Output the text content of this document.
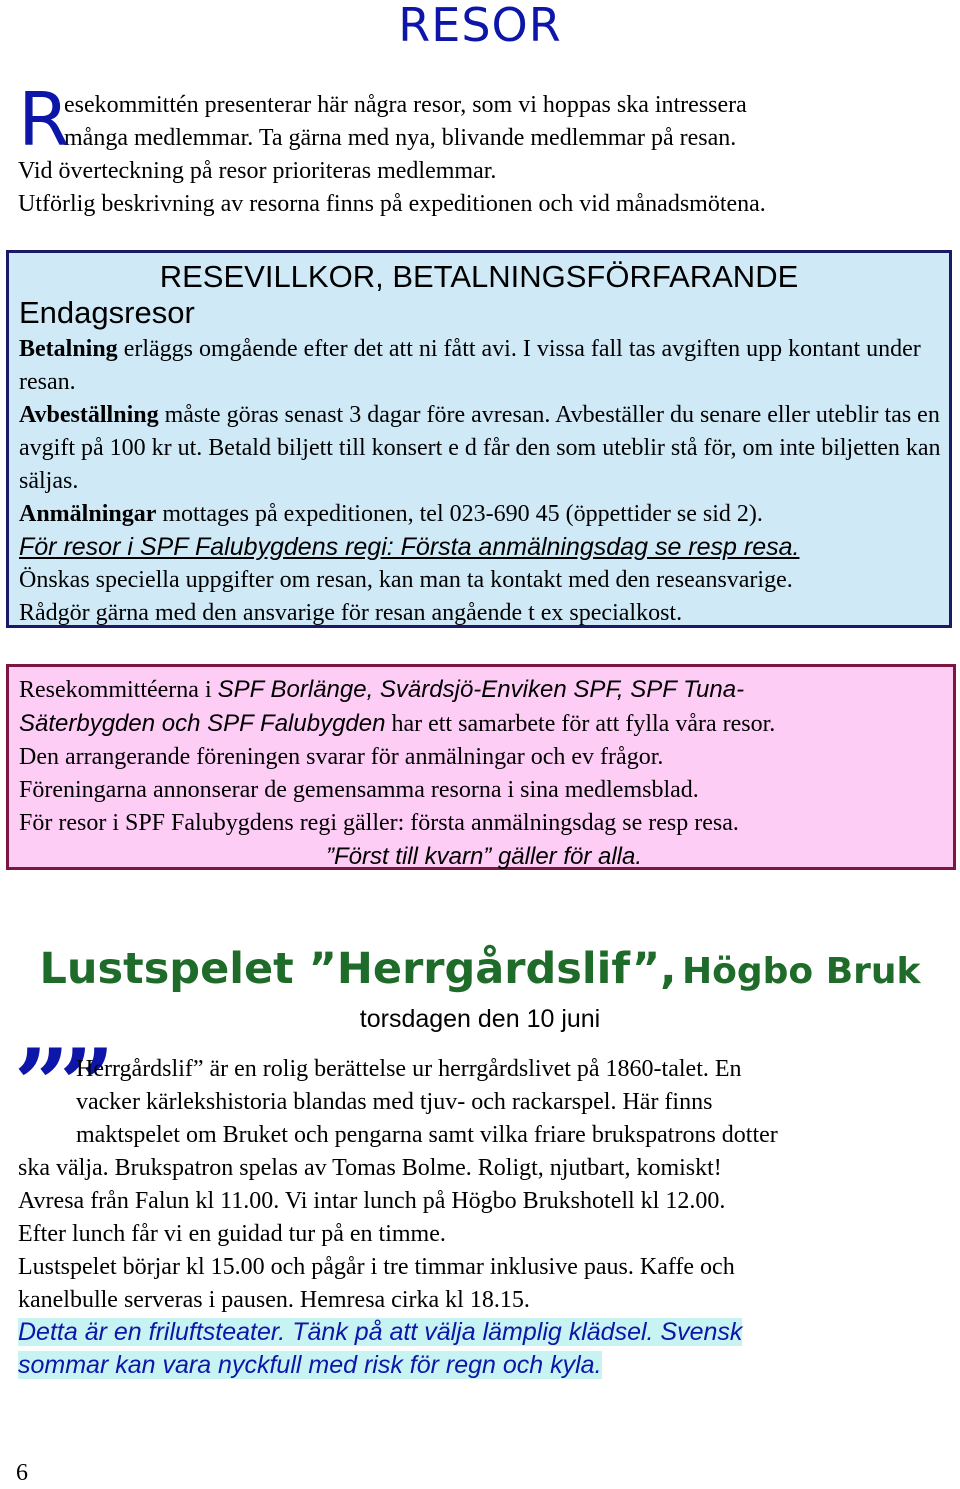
RESOR
R
esekommittén presenterar här några resor, som vi hoppas ska intressera
många medlemmar. Ta gärna med nya, blivande medlemmar på resan.
Vid överteckning på resor prioriteras medlemmar.
Utförlig beskrivning av resorna finns på expeditionen och vid månadsmötena.
RESEVILLKOR, BETALNINGSFÖRFARANDE
Endagsresor
Betalning erläggs omgående efter det att ni fått avi. I vissa fall tas avgiften upp kontant under resan.
Avbeställning måste göras senast 3 dagar före avresan. Avbeställer du senare eller uteblir tas en avgift på 100 kr ut. Betald biljett till konsert e d får den som uteblir stå för, om inte biljetten kan säljas.
Anmälningar mottages på expeditionen, tel 023-690 45 (öppettider se sid 2).
För resor i SPF Falubygdens regi: Första anmälningsdag se resp resa.
Önskas speciella uppgifter om resan, kan man ta kontakt med den reseansvarige.
Rådgör gärna med den ansvarige för resan angående t ex specialkost.
Resekommittéerna i SPF Borlänge, Svärdsjö-Enviken SPF, SPF Tuna-
Säterbygden och SPF Falubygden har ett samarbete för att fylla våra resor.
Den arrangerande föreningen svarar för anmälningar och ev frågor.
Föreningarna annonserar de gemensamma resorna i sina medlemsblad.
För resor i SPF Falubygdens regi gäller: första anmälningsdag se resp resa.
”Först till kvarn” gäller för alla.
Lustspelet ”Herrgårdslif”, Högbo Bruk
torsdagen den 10 juni
””
Herrgårdslif” är en rolig berättelse ur herrgårdslivet på 1860-talet. En
vacker kärlekshistoria blandas med tjuv- och rackarspel. Här finns
maktspelet om Bruket och pengarna samt vilka friare brukspatrons dotter
ska välja. Brukspatron spelas av Tomas Bolme. Roligt, njutbart, komiskt!
Avresa från Falun kl 11.00. Vi intar lunch på Högbo Brukshotell kl 12.00.
Efter lunch får vi en guidad tur på en timme.
Lustspelet börjar kl 15.00 och pågår i tre timmar inklusive paus. Kaffe och
kanelbulle serveras i pausen. Hemresa cirka kl 18.15.
Detta är en friluftsteater. Tänk på att välja lämplig klädsel. Svensk
sommar kan vara nyckfull med risk för regn och kyla.
6
